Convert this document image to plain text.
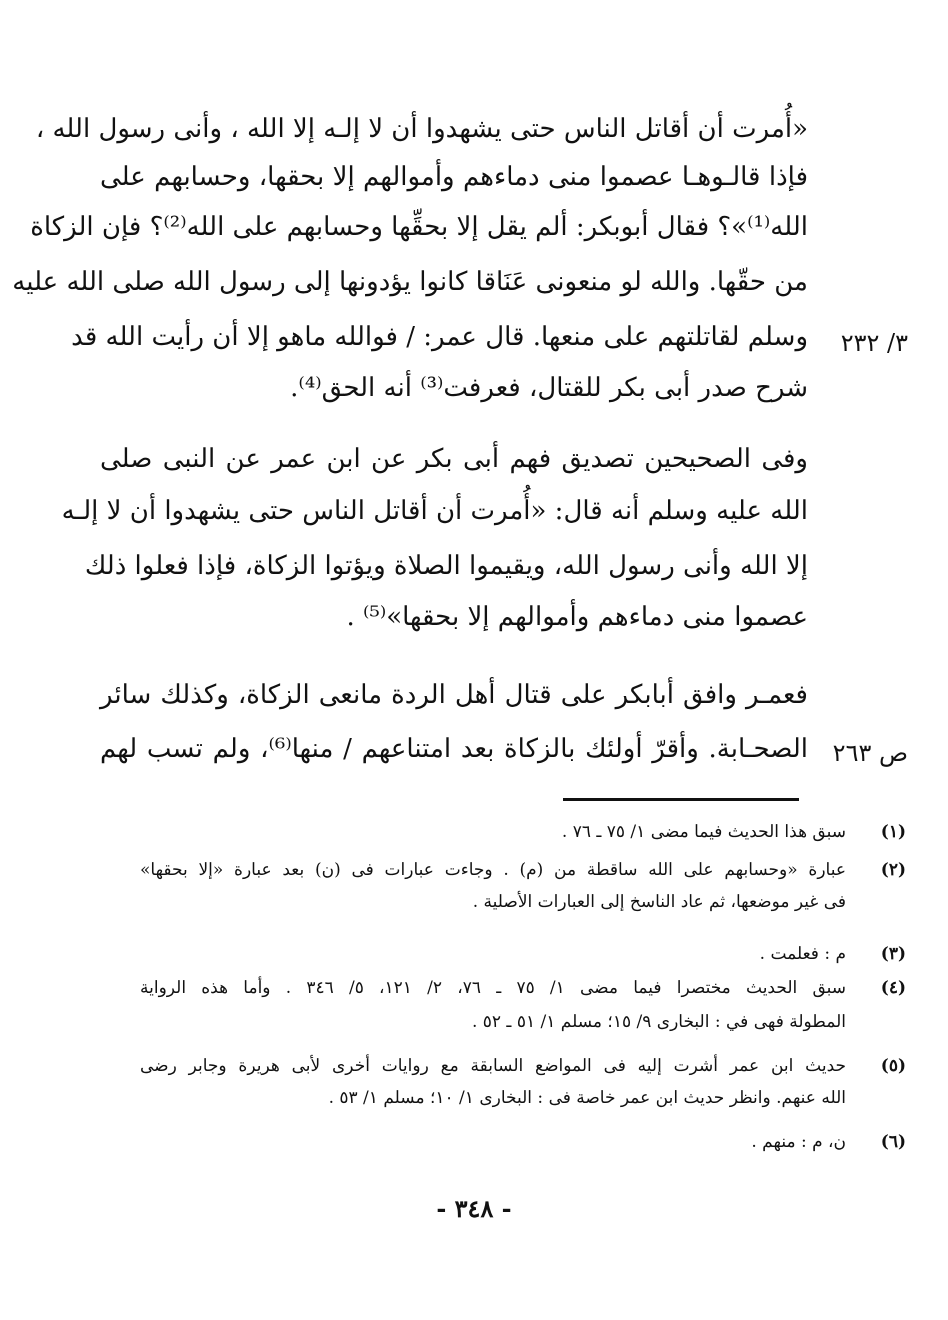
«أُمرت أن أقاتل الناس حتى يشهدوا أن لا إلـه إلا الله ، وأنى رسول الله ،
فإذا قالـوهـا عصموا منى دماءهم وأموالهم إلا بحقها، وحسابهم على
الله⁽¹⁾»؟ فقال أبوبكر: ألم يقل إلا بحقِّها وحسابهم على الله⁽²⁾؟ فإن الزكاة
من حقّها. والله لو منعونى عَنَاقا كانوا يؤدونها إلى رسول الله صلى الله عليه
وسلم لقاتلتهم على منعها. قال عمر: / فوالله ماهو إلا أن رأيت الله قد
شرح صدر أبى بكر للقتال، فعرفت⁽³⁾ أنه الحق⁽⁴⁾.
٣/ ٢٣٢
وفى الصحيحين تصديق فهم أبى بكر عن ابن عمر عن النبى صلى
الله عليه وسلم أنه قال: «أُمرت أن أقاتل الناس حتى يشهدوا أن لا إلـه
إلا الله وأنى رسول الله، ويقيموا الصلاة ويؤتوا الزكاة، فإذا فعلوا ذلك
عصموا منى دماءهم وأموالهم إلا بحقها»⁽⁵⁾ .
فعمـر وافق أبابكر على قتال أهل الردة مانعى الزكاة، وكذلك سائر
الصحـابة. وأقرّ أولئك بالزكاة بعد امتناعهم / منها⁽⁶⁾، ولم تسب لهم ص ٢٦٣
(١)
سبق هذا الحديث فيما مضى ١/ ٧٥ ـ ٧٦ .
(٢)
عبارة «وحسابهم على الله ساقطة من (م) . وجاءت عبارات فى (ن) بعد عبارة «إلا بحقها»
فى غير موضعها، ثم عاد الناسخ إلى العبارات الأصلية .
(٣)
م : فعلمت .
(٤)
سبق الحديث مختصرا فيما مضى ١/ ٧٥ ـ ٧٦، ٢/ ١٢١، ٥/ ٣٤٦ . وأما هذه الرواية
المطولة فهى في : البخارى ٩/ ١٥؛ مسلم ١/ ٥١ ـ ٥٢ .
(٥)
حديث ابن عمر أشرت إليه فى المواضع السابقة مع روايات أخرى لأبى هريرة وجابر رضى
الله عنهم. وانظر حديث ابن عمر خاصة فى : البخارى ١/ ١٠؛ مسلم ١/ ٥٣ .
(٦)
ن، م : منهم .
- ٣٤٨ -
